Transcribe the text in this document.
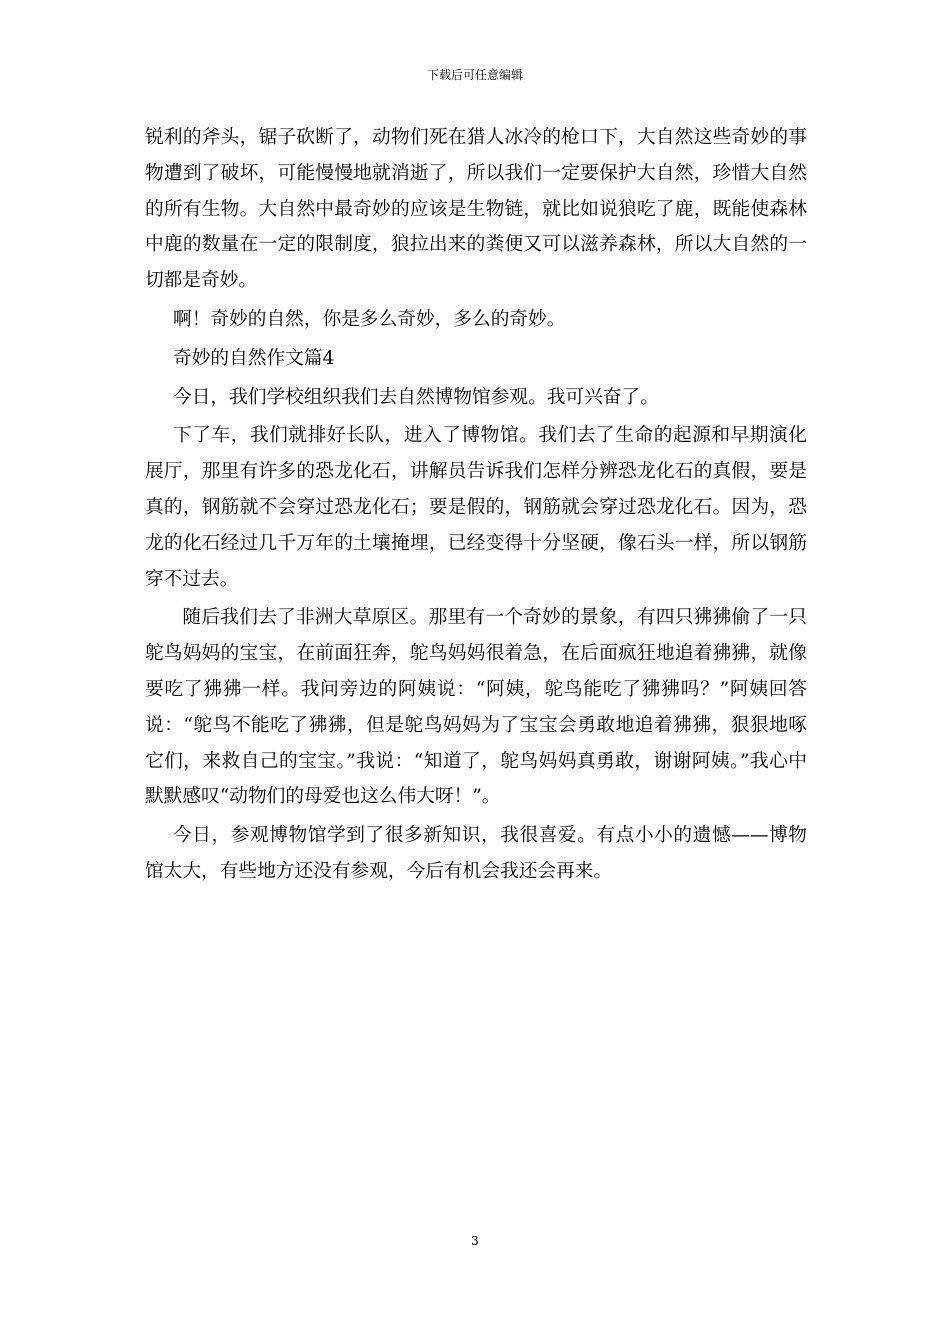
下载后可任意编辑

锐利的斧头，锯子砍断了，动物们死在猎人冰冷的枪口下，大自然这些奇妙的事物遭到了破坏，可能慢慢地就消逝了，所以我们一定要保护大自然，珍惜大自然的所有生物。大自然中最奇妙的应该是生物链，就比如说狼吃了鹿，既能使森林中鹿的数量在一定的限制度，狼拉出来的粪便又可以滋养森林，所以大自然的一切都是奇妙。

啊！奇妙的自然，你是多么奇妙，多么的奇妙。

奇妙的自然作文篇4

今日，我们学校组织我们去自然博物馆参观。我可兴奋了。

下了车，我们就排好长队，进入了博物馆。我们去了生命的起源和早期演化展厅，那里有许多的恐龙化石，讲解员告诉我们怎样分辨恐龙化石的真假，要是真的，钢筋就不会穿过恐龙化石；要是假的，钢筋就会穿过恐龙化石。因为，恐龙的化石经过几千万年的土壤掩埋，已经变得十分坚硬，像石头一样，所以钢筋穿不过去。

随后我们去了非洲大草原区。那里有一个奇妙的景象，有四只狒狒偷了一只鸵鸟妈妈的宝宝，在前面狂奔，鸵鸟妈妈很着急，在后面疯狂地追着狒狒，就像要吃了狒狒一样。我问旁边的阿姨说：“阿姨，鸵鸟能吃了狒狒吗？”阿姨回答说：“鸵鸟不能吃了狒狒，但是鸵鸟妈妈为了宝宝会勇敢地追着狒狒，狠狠地啄它们，来救自己的宝宝。”我说：“知道了，鸵鸟妈妈真勇敢，谢谢阿姨。”我心中默默感叹“动物们的母爱也这么伟大呀！”。

今日，参观博物馆学到了很多新知识，我很喜爱。有点小小的遗憾——博物馆太大，有些地方还没有参观，今后有机会我还会再来。

3
